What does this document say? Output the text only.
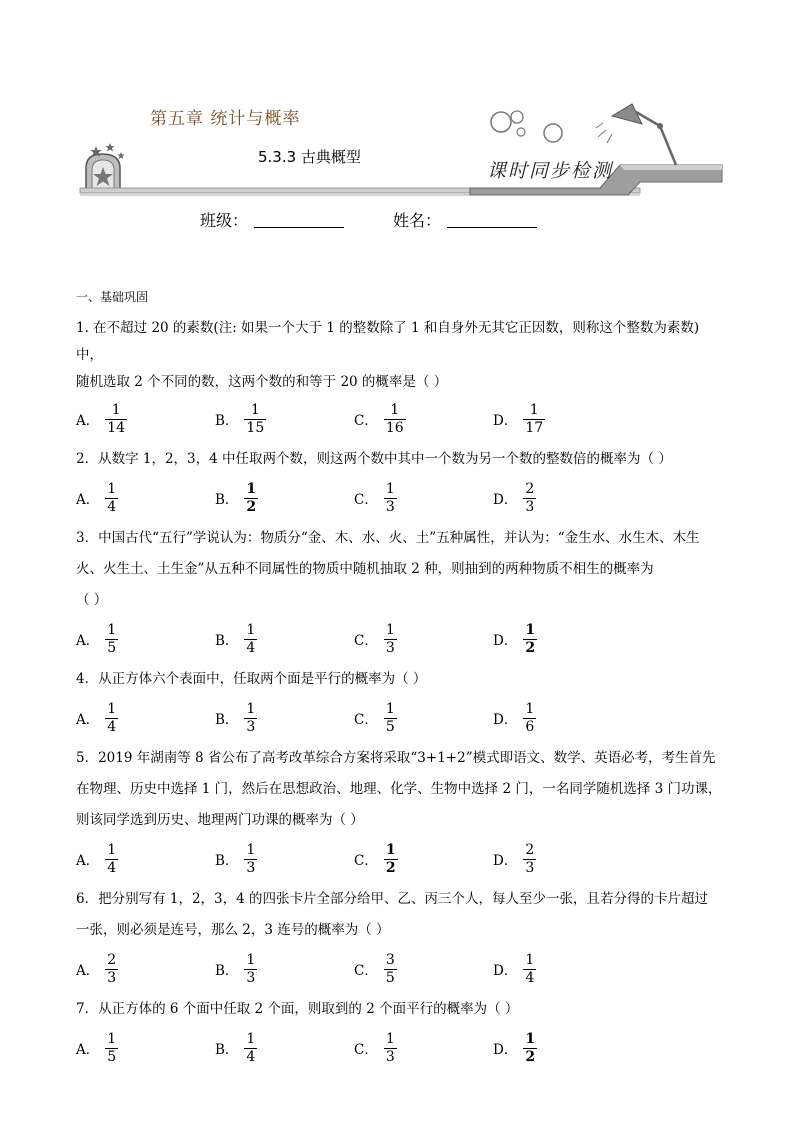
第五章 统计与概率
5.3.3 古典概型
课时同步检测
班级：	姓名：
一、基础巩固

1. 在不超过 20 的素数(注: 如果一个大于 1 的整数除了 1 和自身外无其它正因数，则称这个整数为素数)中，

随机选取 2 个不同的数，这两个数的和等于 20 的概率是（ ）

A． $\frac{1}{14}$	B． $\frac{1}{15}$	C． $\frac{1}{16}$	D． $\frac{1}{17}$

2．从数字 1，2，3，4 中任取两个数，则这两个数中其中一个数为另一个数的整数倍的概率为（ ）

A． $\frac{1}{4}$	B． $\frac{1}{2}$	C． $\frac{1}{3}$	D． $\frac{2}{3}$

3．中国古代“五行”学说认为：物质分“金、木、水、火、土”五种属性，并认为：“金生水、水生木、木生

火、火生土、土生金”从五种不同属性的物质中随机抽取 2 种，则抽到的两种物质不相生的概率为

（ ）

A． $\frac{1}{5}$	B． $\frac{1}{4}$	C． $\frac{1}{3}$	D． $\frac{1}{2}$

4．从正方体六个表面中，任取两个面是平行的概率为（ ）

A． $\frac{1}{4}$	B． $\frac{1}{3}$	C． $\frac{1}{5}$	D． $\frac{1}{6}$

5．2019 年湖南等 8 省公布了高考改革综合方案将采取“3+1+2”模式即语文、数学、英语必考，考生首先

在物理、历史中选择 1 门，然后在思想政治、地理、化学、生物中选择 2 门，一名同学随机选择 3 门功课，

则该同学选到历史、地理两门功课的概率为（ ）

A． $\frac{1}{4}$	B． $\frac{1}{3}$	C． $\frac{1}{2}$	D． $\frac{2}{3}$

6．把分别写有 1，2，3，4 的四张卡片全部分给甲、乙、丙三个人，每人至少一张，且若分得的卡片超过

一张，则必须是连号，那么 2，3 连号的概率为（ ）

A． $\frac{2}{3}$	B． $\frac{1}{3}$	C． $\frac{3}{5}$	D． $\frac{1}{4}$

7．从正方体的 6 个面中任取 2 个面，则取到的 2 个面平行的概率为（ ）

A． $\frac{1}{5}$	B． $\frac{1}{4}$	C． $\frac{1}{3}$	D． $\frac{1}{2}$
